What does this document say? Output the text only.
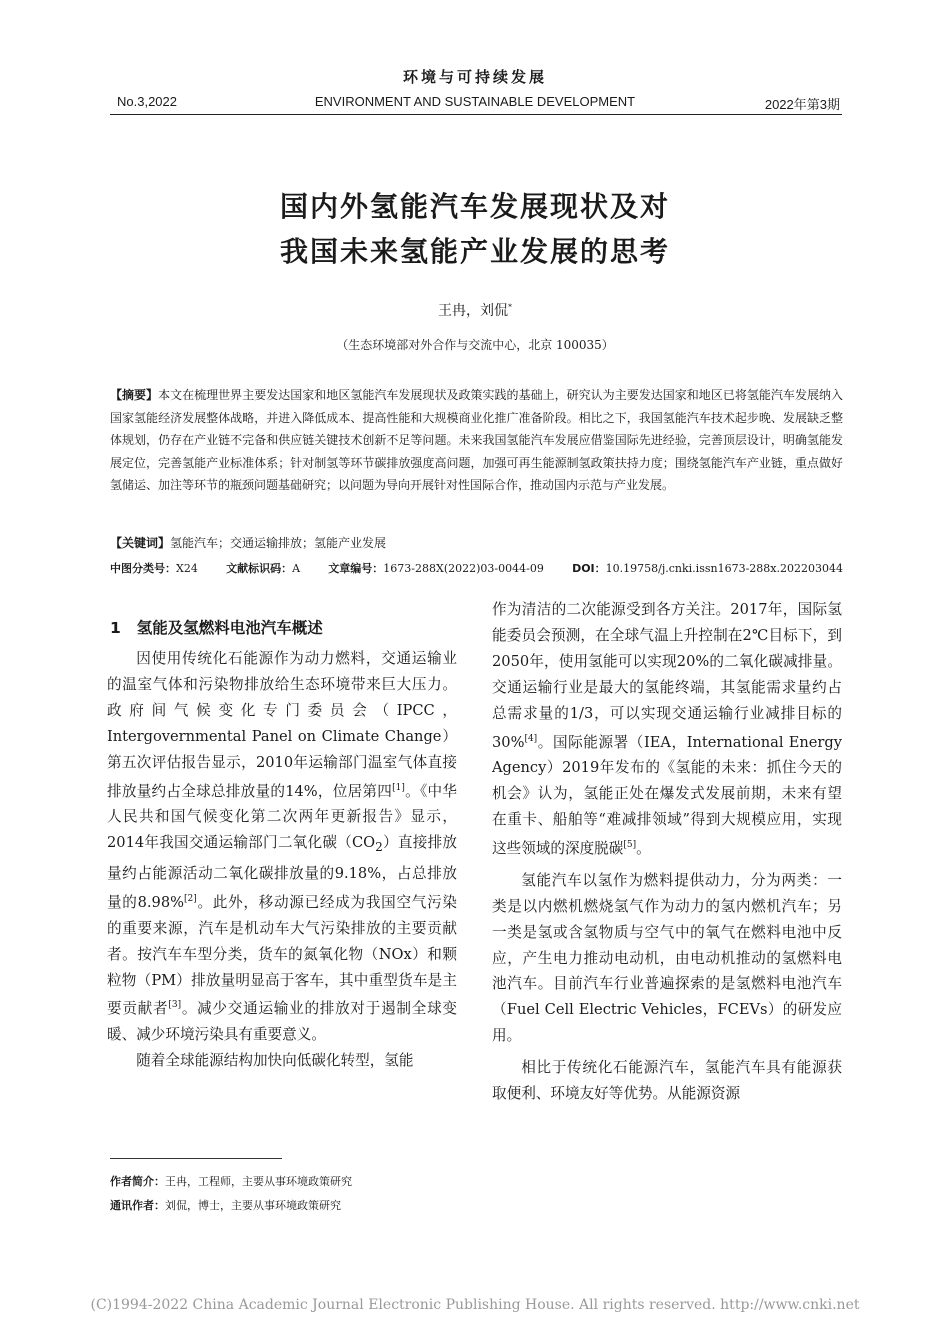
环境与可持续发展
No.3,2022	ENVIRONMENT AND SUSTAINABLE DEVELOPMENT	2022年第3期
国内外氢能汽车发展现状及对
我国未来氢能产业发展的思考
王冉，刘侃*
（生态环境部对外合作与交流中心，北京 100035）

【摘要】本文在梳理世界主要发达国家和地区氢能汽车发展现状及政策实践的基础上，研究认为主要发达国家和地区已将氢能汽车发展纳入国家氢能经济发展整体战略，并进入降低成本、提高性能和大规模商业化推广准备阶段。相比之下，我国氢能汽车技术起步晚、发展缺乏整体规划，仍存在产业链不完备和供应链关键技术创新不足等问题。未来我国氢能汽车发展应借鉴国际先进经验，完善顶层设计，明确氢能发展定位，完善氢能产业标准体系；针对制氢等环节碳排放强度高问题，加强可再生能源制氢政策扶持力度；围绕氢能汽车产业链，重点做好氢储运、加注等环节的瓶颈问题基础研究；以问题为导向开展针对性国际合作，推动国内示范与产业发展。

【关键词】氢能汽车；交通运输排放；氢能产业发展

中图分类号：X24	文献标识码：A	文章编号：1673-288X(2022)03-0044-09	DOI：10.19758/j.cnki.issn1673-288x.202203044
1 氢能及氢燃料电池汽车概述

因使用传统化石能源作为动力燃料，交通运输业的温室气体和污染物排放给生态环境带来巨大压力。政府间气候变化专门委员会（IPCC，Intergovernmental Panel on Climate Change）第五次评估报告显示，2010年运输部门温室气体直接排放量约占全球总排放量的14%，位居第四[1]。《中华人民共和国气候变化第二次两年更新报告》显示，2014年我国交通运输部门二氧化碳$(CO_2)$直接排放量约占能源活动二氧化碳排放量的9.18%，占总排放量的8.98%[2]。此外，移动源已经成为我国空气污染的重要来源，汽车是机动车大气污染排放的主要贡献者。按汽车车型分类，货车的氮氧化物（NOx）和颗粒物（PM）排放量明显高于客车，其中重型货车是主要贡献者[3]。减少交通运输业的排放对于遏制全球变暖、减少环境污染具有重要意义。

随着全球能源结构加快向低碳化转型，氢能

作为清洁的二次能源受到各方关注。2017年，国际氢能委员会预测，在全球气温上升控制在2℃目标下，到2050年，使用氢能可以实现20%的二氧化碳减排量。交通运输行业是最大的氢能终端，其氢能需求量约占总需求量的1/3，可以实现交通运输行业减排目标的30%[4]。国际能源署（IEA，International Energy Agency）2019年发布的《氢能的未来：抓住今天的机会》认为，氢能正处在爆发式发展前期，未来有望在重卡、船舶等“难减排领域”得到大规模应用，实现这些领域的深度脱碳[5]。

氢能汽车以氢作为燃料提供动力，分为两类：一类是以内燃机燃烧氢气作为动力的氢内燃机汽车；另一类是氢或含氢物质与空气中的氧气在燃料电池中反应，产生电力推动电动机，由电动机推动的氢燃料电池汽车。目前汽车行业普遍探索的是氢燃料电池汽车（Fuel Cell Electric Vehicles，FCEVs）的研发应用。

相比于传统化石能源汽车，氢能汽车具有能源获取便利、环境友好等优势。从能源资源

作者简介：王冉，工程师，主要从事环境政策研究
通讯作者：刘侃，博士，主要从事环境政策研究
(C)1994-2022 China Academic Journal Electronic Publishing House. All rights reserved. http://www.cnki.net
